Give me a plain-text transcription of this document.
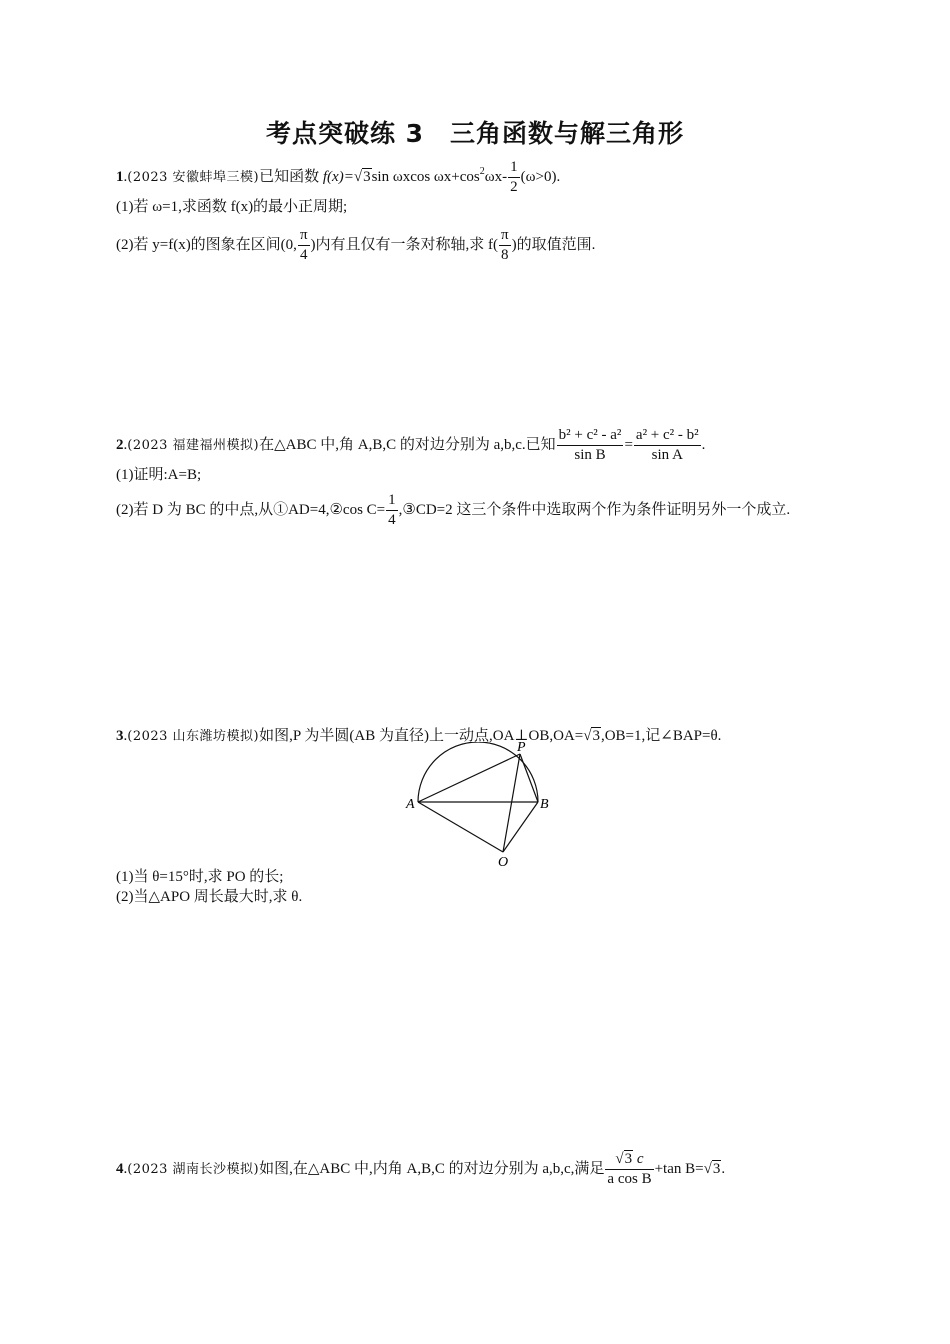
考点突破练 3　三角函数与解三角形
1.(2023 安徽蚌埠三模)已知函数 f(x)=√3sin ωxcos $\omega x+\cos^2\omega x- \frac{1}{2} (\omega>0)$.
(1)若 ω=1,求函数 f(x)的最小正周期;
(2)若 y=f(x)的图象在区间(0, $\frac{\pi}{4}$ )内有且仅有一条对称轴,求 $f( \frac{\pi}{8}$ )的取值范围.
2.(2023 福建福州模拟)在△ABC 中,角 A,B,C 的对边分别为 a,b,c.已知 $\frac{\text{b² + c² - a²}}{\text{sin B}} = \frac{\text{a² + c² - b²}}{\text{sin A}}$ .
(1)证明:A=B;
(2)若 D 为 BC 的中点,从①AD=4,②cos $C= \frac{1}{4}$ ,③CD=2 这三个条件中选取两个作为条件证明另外一个成立.
3.(2023 山东潍坊模拟)如图,P 为半圆(AB 为直径)上一动点,OA⊥OB,OA=√3,OB=1,记∠BAP=θ.
A	B
P
O
(1)当 θ=15°时,求 PO 的长;
(2)当△APO 周长最大时,求 θ.
4.(2023 湖南长沙模拟)如图,在△ABC 中,内角 A,B,C 的对边分别为 a,b,c,满足 $\frac{√3 c}{\text{a cos B}} +\tan$ B=√3.
